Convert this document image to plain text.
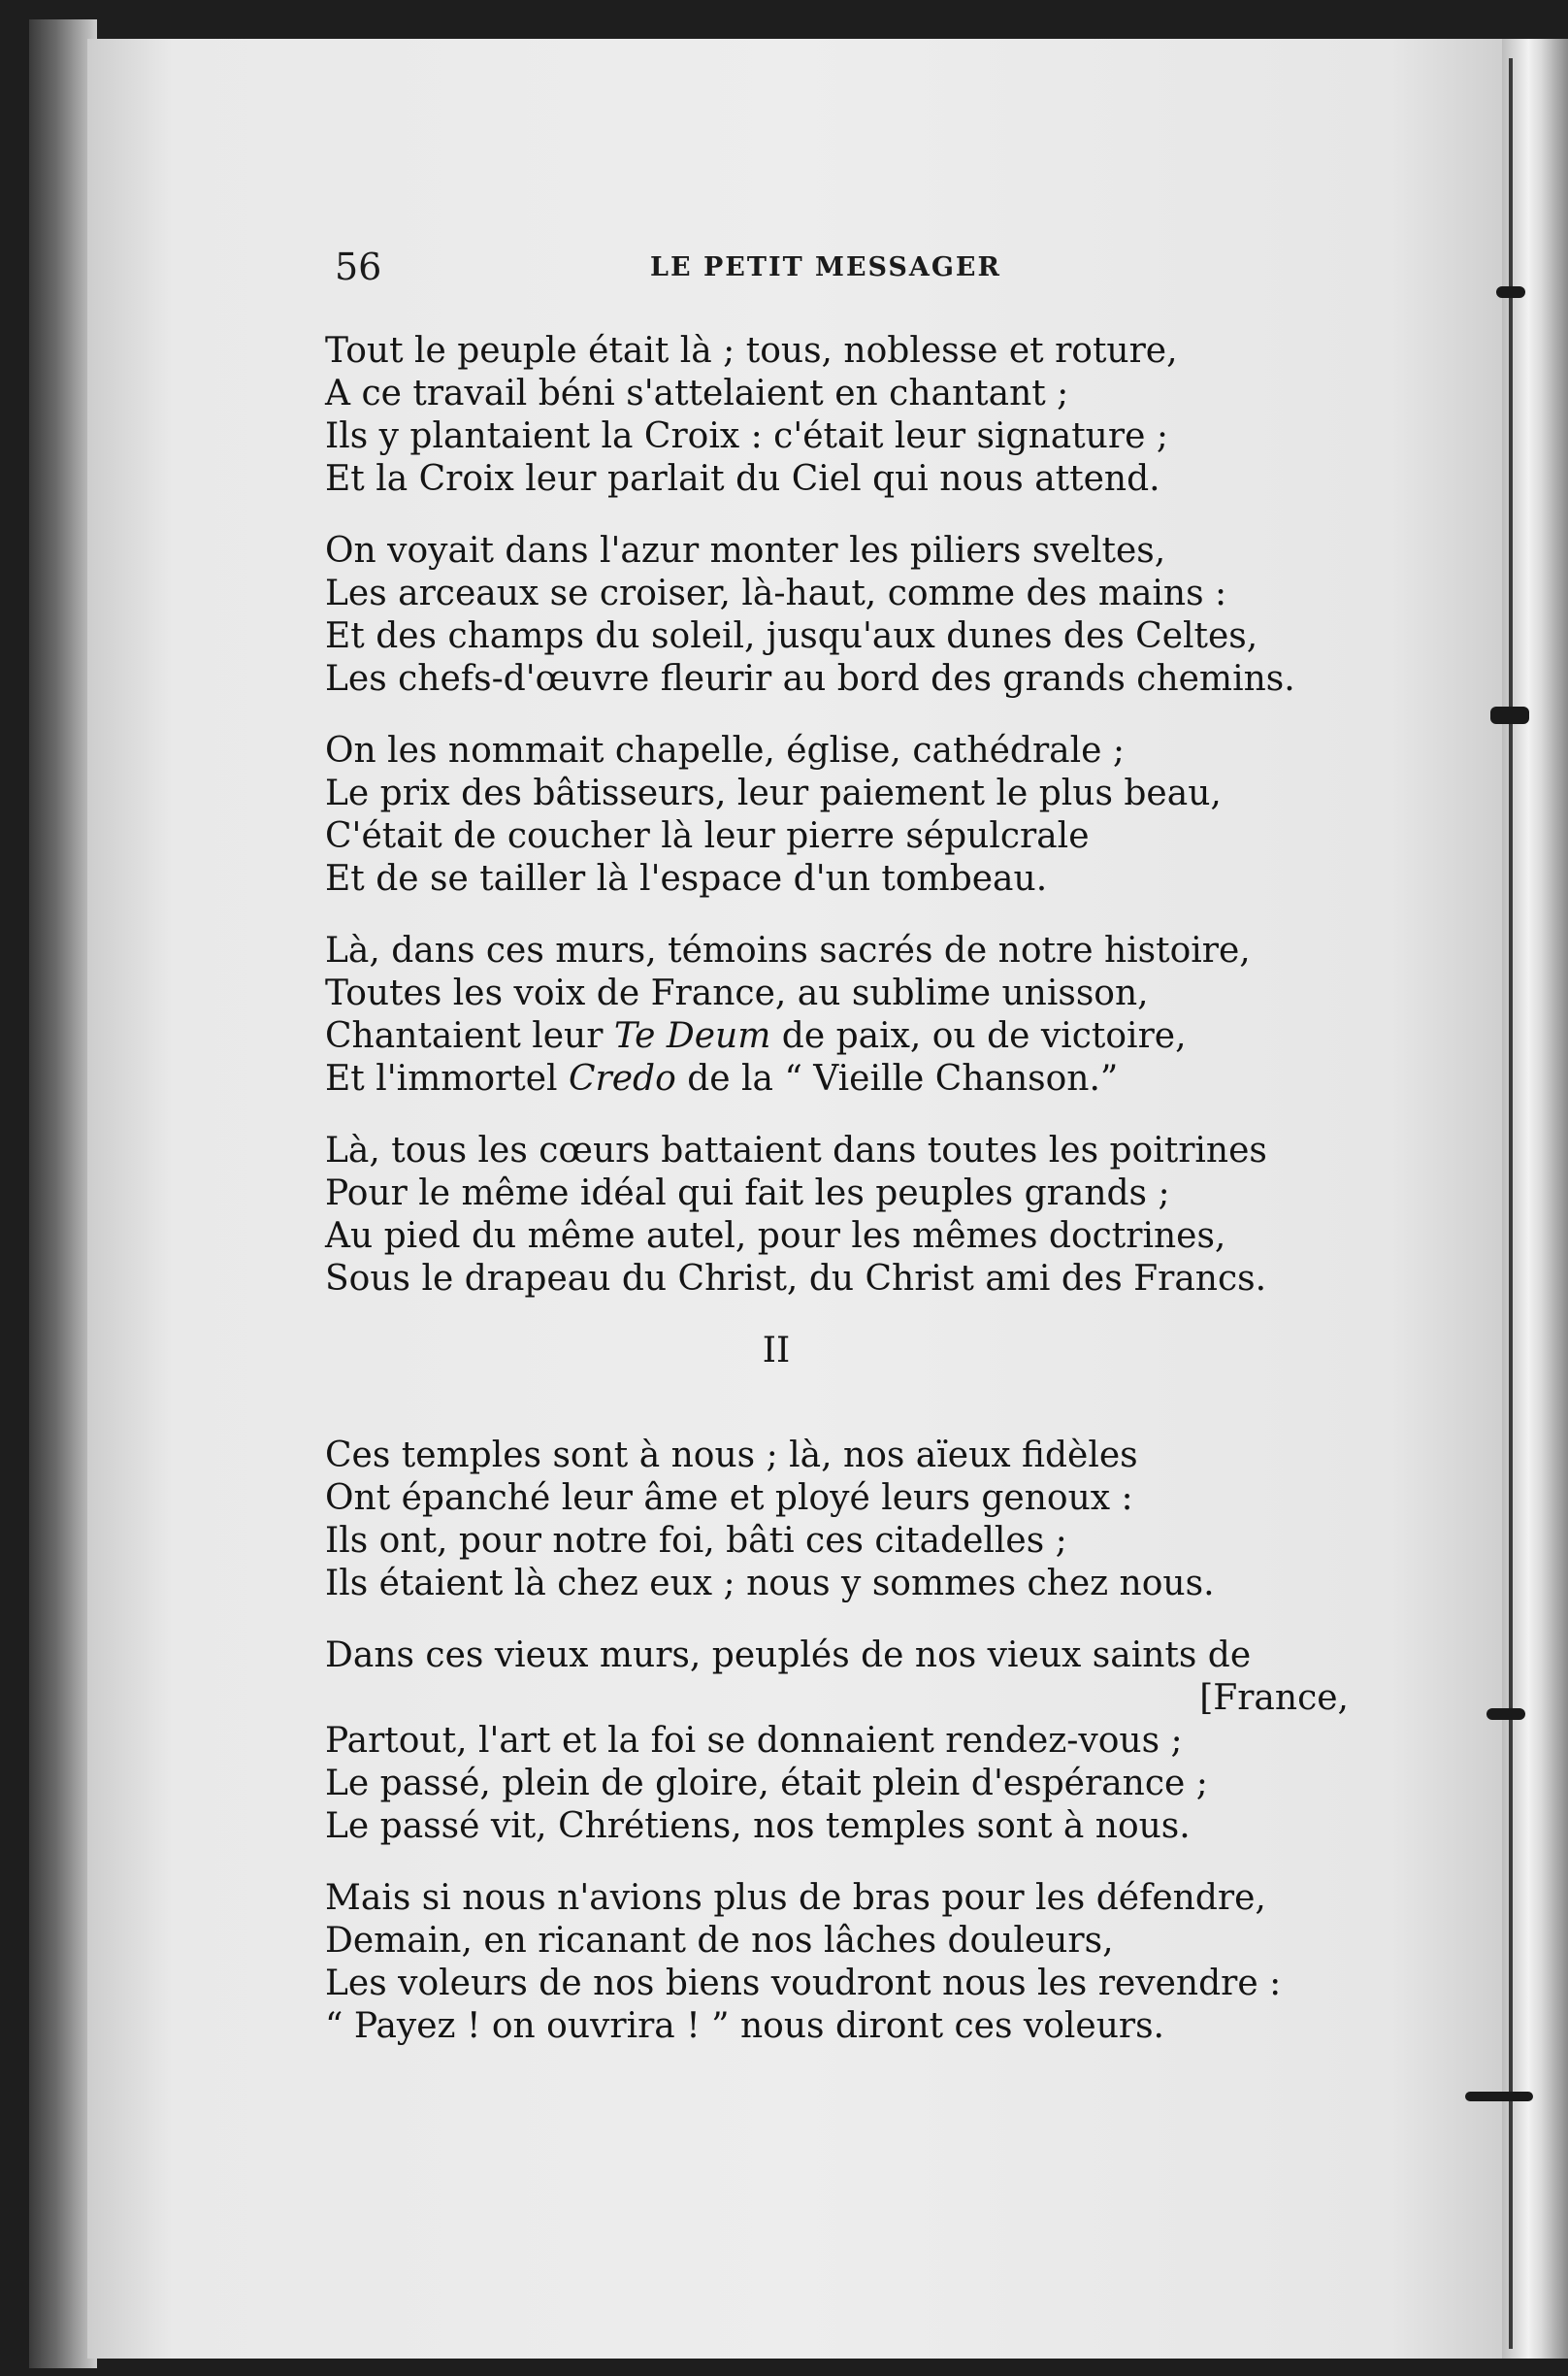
56	LE PETIT MESSAGER
Tout le peuple était là ; tous, noblesse et roture,
A ce travail béni s'attelaient en chantant ;
Ils y plantaient la Croix : c'était leur signature ;
Et la Croix leur parlait du Ciel qui nous attend.
On voyait dans l'azur monter les piliers sveltes,
Les arceaux se croiser, là-haut, comme des mains :
Et des champs du soleil, jusqu'aux dunes des Celtes,
Les chefs-d'œuvre fleurir au bord des grands chemins.
On les nommait chapelle, église, cathédrale ;
Le prix des bâtisseurs, leur paiement le plus beau,
C'était de coucher là leur pierre sépulcrale
Et de se tailler là l'espace d'un tombeau.
Là, dans ces murs, témoins sacrés de notre histoire,
Toutes les voix de France, au sublime unisson,
Chantaient leur Te Deum de paix, ou de victoire,
Et l'immortel Credo de la “ Vieille Chanson.”
Là, tous les cœurs battaient dans toutes les poitrines
Pour le même idéal qui fait les peuples grands ;
Au pied du même autel, pour les mêmes doctrines,
Sous le drapeau du Christ, du Christ ami des Francs.
II
Ces temples sont à nous ; là, nos aïeux fidèles
Ont épanché leur âme et ployé leurs genoux :
Ils ont, pour notre foi, bâti ces citadelles ;
Ils étaient là chez eux ; nous y sommes chez nous.
Dans ces vieux murs, peuplés de nos vieux saints de
[France,
Partout, l'art et la foi se donnaient rendez-vous ;
Le passé, plein de gloire, était plein d'espérance ;
Le passé vit, Chrétiens, nos temples sont à nous.
Mais si nous n'avions plus de bras pour les défendre,
Demain, en ricanant de nos lâches douleurs,
Les voleurs de nos biens voudront nous les revendre :
“ Payez ! on ouvrira ! ” nous diront ces voleurs.
